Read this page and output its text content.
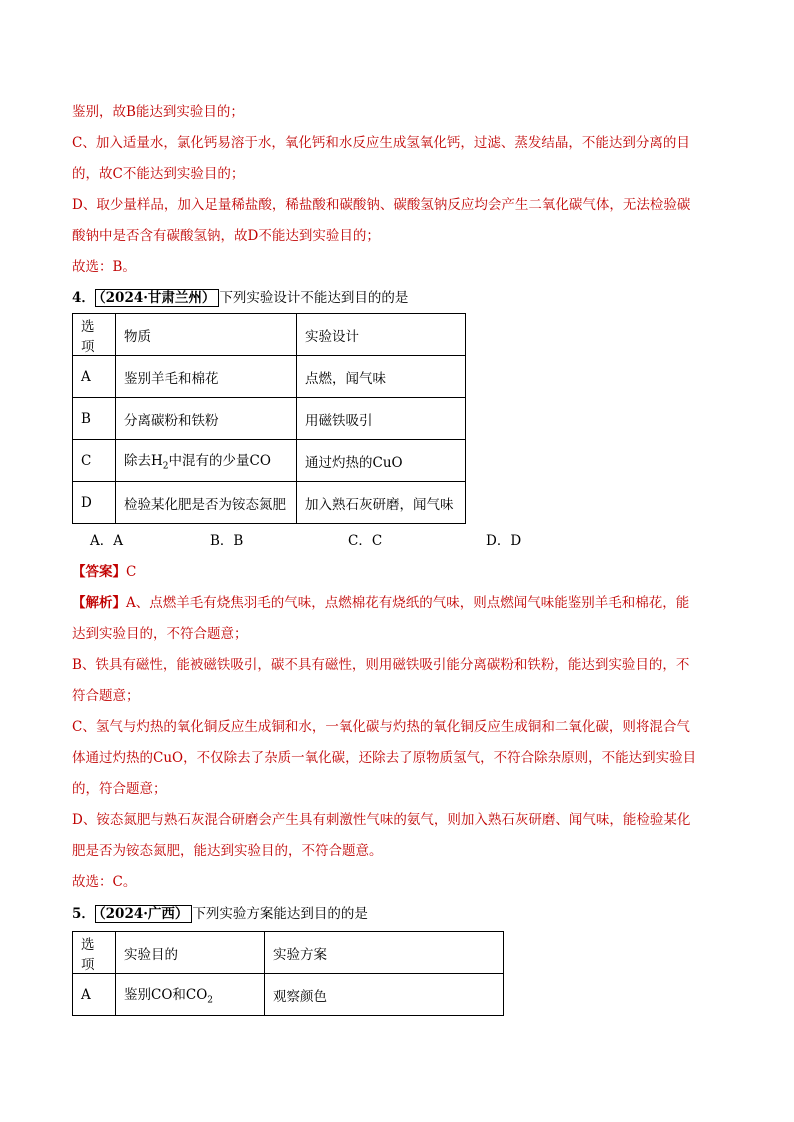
鉴别，故B能达到实验目的；
C、加入适量水，氯化钙易溶于水，氧化钙和水反应生成氢氧化钙，过滤、蒸发结晶，不能达到分离的目
的，故C不能达到实验目的；
D、取少量样品，加入足量稀盐酸，稀盐酸和碳酸钠、碳酸氢钠反应均会产生二氧化碳气体，无法检验碳
酸钠中是否含有碳酸氢钠，故D不能达到实验目的；
故选：B。
4． （2024·甘肃兰州） 下列实验设计不能达到目的的是
选项	物质	实验设计
A	鉴别羊毛和棉花	点燃，闻气味
B	分离碳粉和铁粉	用磁铁吸引
C	除去$H_2$中混有的少量CO	通过灼热的CuO
D	检验某化肥是否为铵态氮肥	加入熟石灰研磨，闻气味
A．A	B．B	C．C	D．D
【答案】C
【解析】A、点燃羊毛有烧焦羽毛的气味，点燃棉花有烧纸的气味，则点燃闻气味能鉴别羊毛和棉花，能
达到实验目的，不符合题意；
B、铁具有磁性，能被磁铁吸引，碳不具有磁性，则用磁铁吸引能分离碳粉和铁粉，能达到实验目的，不
符合题意；
C、氢气与灼热的氧化铜反应生成铜和水，一氧化碳与灼热的氧化铜反应生成铜和二氧化碳，则将混合气
体通过灼热的CuO，不仅除去了杂质一氧化碳，还除去了原物质氢气，不符合除杂原则，不能达到实验目
的，符合题意；
D、铵态氮肥与熟石灰混合研磨会产生具有刺激性气味的氨气，则加入熟石灰研磨、闻气味，能检验某化
肥是否为铵态氮肥，能达到实验目的，不符合题意。
故选：C。
5． （2024·广西） 下列实验方案能达到目的的是
选项	实验目的	实验方案
A	鉴别CO和$CO_2$	观察颜色
